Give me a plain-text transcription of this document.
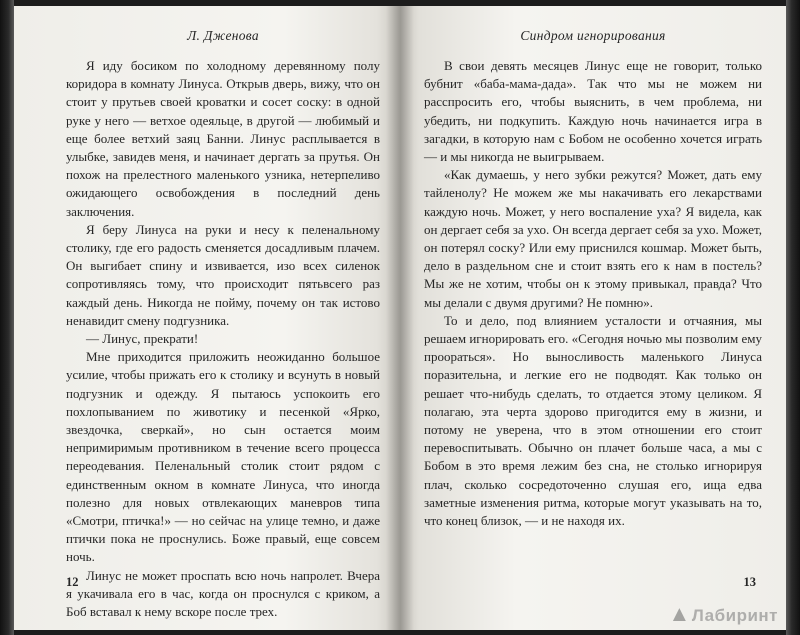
Л. Дженова

Я иду босиком по холодному деревянному полу коридора в комнату Линуса. Открыв дверь, вижу, что он стоит у прутьев своей кроватки и сосет соску: в одной руке у него — ветхое одеяльце, в другой — любимый и еще более ветхий заяц Банни. Линус расплывается в улыбке, завидев меня, и начинает дергать за прутья. Он похож на прелестного маленького узника, нетерпеливо ожидающего освобождения в последний день заключения.

Я беру Линуса на руки и несу к пеленальному столику, где его радость сменяется досадливым плачем. Он выгибает спину и извивается, изо всех силенок сопротивляясь тому, что происходит пятьвсего раз каждый день. Никогда не пойму, почему он так истово ненавидит смену подгузника.

— Линус, прекрати!

Мне приходится приложить неожиданно большое усилие, чтобы прижать его к столику и всунуть в новый подгузник и одежду. Я пытаюсь успокоить его похлопыванием по животику и песенкой «Ярко, звездочка, сверкай», но сын остается моим непримиримым противником в течение всего процесса переодевания. Пеленальный столик стоит рядом с единственным окном в комнате Линуса, что иногда полезно для новых отвлекающих маневров типа «Смотри, птичка!» — но сейчас на улице темно, и даже птички пока не проснулись. Боже правый, еще совсем ночь.

Линус не может проспать всю ночь напролет. Вчера я укачивала его в час, когда он проснулся с криком, а Боб вставал к нему вскоре после трех.

12
Синдром игнорирования

В свои девять месяцев Линус еще не говорит, только бубнит «баба-мама-дада». Так что мы не можем ни расспросить его, чтобы выяснить, в чем проблема, ни убедить, ни подкупить. Каждую ночь начинается игра в загадки, в которую нам с Бобом не особенно хочется играть — и мы никогда не выигрываем.

«Как думаешь, у него зубки режутся? Может, дать ему тайленолу? Не можем же мы накачивать его лекарствами каждую ночь. Может, у него воспаление уха? Я видела, как он дергает себя за ухо. Он всегда дергает себя за ухо. Может, он потерял соску? Или ему приснился кошмар. Может быть, дело в раздельном сне и стоит взять его к нам в постель? Мы же не хотим, чтобы он к этому привыкал, правда? Что мы делали с двумя другими? Не помню».

То и дело, под влиянием усталости и отчаяния, мы решаем игнорировать его. «Сегодня ночью мы позволим ему проораться». Но выносливость маленького Линуса поразительна, и легкие его не подводят. Как только он решает что-нибудь сделать, то отдается этому целиком. Я полагаю, эта черта здорово пригодится ему в жизни, и потому не уверена, что в этом отношении его стоит перевоспитывать. Обычно он плачет больше часа, а мы с Бобом в это время лежим без сна, не столько игнорируя плач, сколько сосредоточенно слушая его, ища едва заметные изменения ритма, которые могут указывать на то, что конец близок, — и не находя их.

13
▲Лабиринт
